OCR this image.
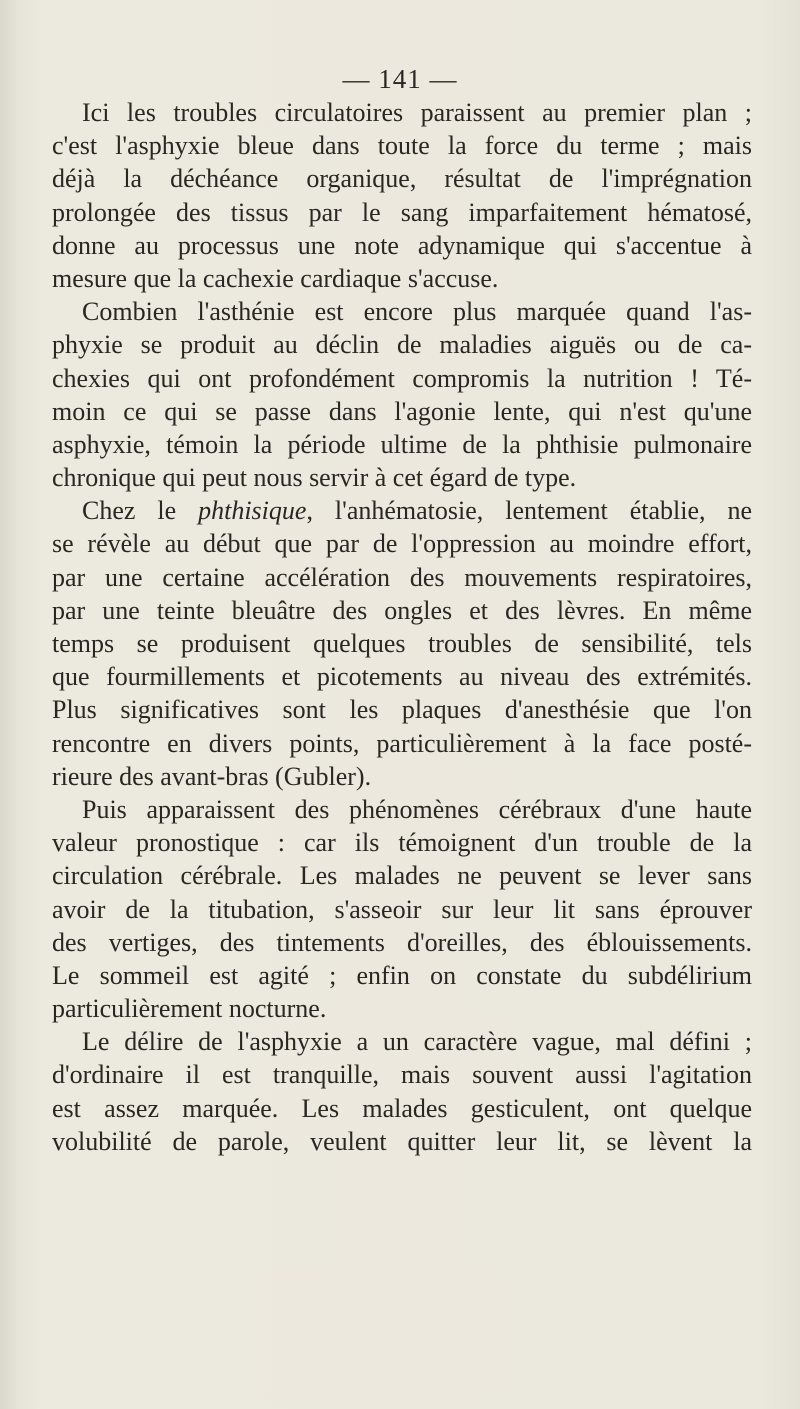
— 141 —
Ici les troubles circulatoires paraissent au premier plan ;
c'est l'asphyxie bleue dans toute la force du terme ; mais
déjà la déchéance organique, résultat de l'imprégnation
prolongée des tissus par le sang imparfaitement hématosé,
donne au processus une note adynamique qui s'accentue à
mesure que la cachexie cardiaque s'accuse.
Combien l'asthénie est encore plus marquée quand l'as-
phyxie se produit au déclin de maladies aiguës ou de ca-
chexies qui ont profondément compromis la nutrition ! Té-
moin ce qui se passe dans l'agonie lente, qui n'est qu'une
asphyxie, témoin la période ultime de la phthisie pulmonaire
chronique qui peut nous servir à cet égard de type.
Chez le phthisique, l'anhématosie, lentement établie, ne
se révèle au début que par de l'oppression au moindre effort,
par une certaine accélération des mouvements respiratoires,
par une teinte bleuâtre des ongles et des lèvres. En même
temps se produisent quelques troubles de sensibilité, tels
que fourmillements et picotements au niveau des extrémités.
Plus significatives sont les plaques d'anesthésie que l'on
rencontre en divers points, particulièrement à la face posté-
rieure des avant-bras (Gubler).
Puis apparaissent des phénomènes cérébraux d'une haute
valeur pronostique : car ils témoignent d'un trouble de la
circulation cérébrale. Les malades ne peuvent se lever sans
avoir de la titubation, s'asseoir sur leur lit sans éprouver
des vertiges, des tintements d'oreilles, des éblouissements.
Le sommeil est agité ; enfin on constate du subdélirium
particulièrement nocturne.
Le délire de l'asphyxie a un caractère vague, mal défini ;
d'ordinaire il est tranquille, mais souvent aussi l'agitation
est assez marquée. Les malades gesticulent, ont quelque
volubilité de parole, veulent quitter leur lit, se lèvent la
